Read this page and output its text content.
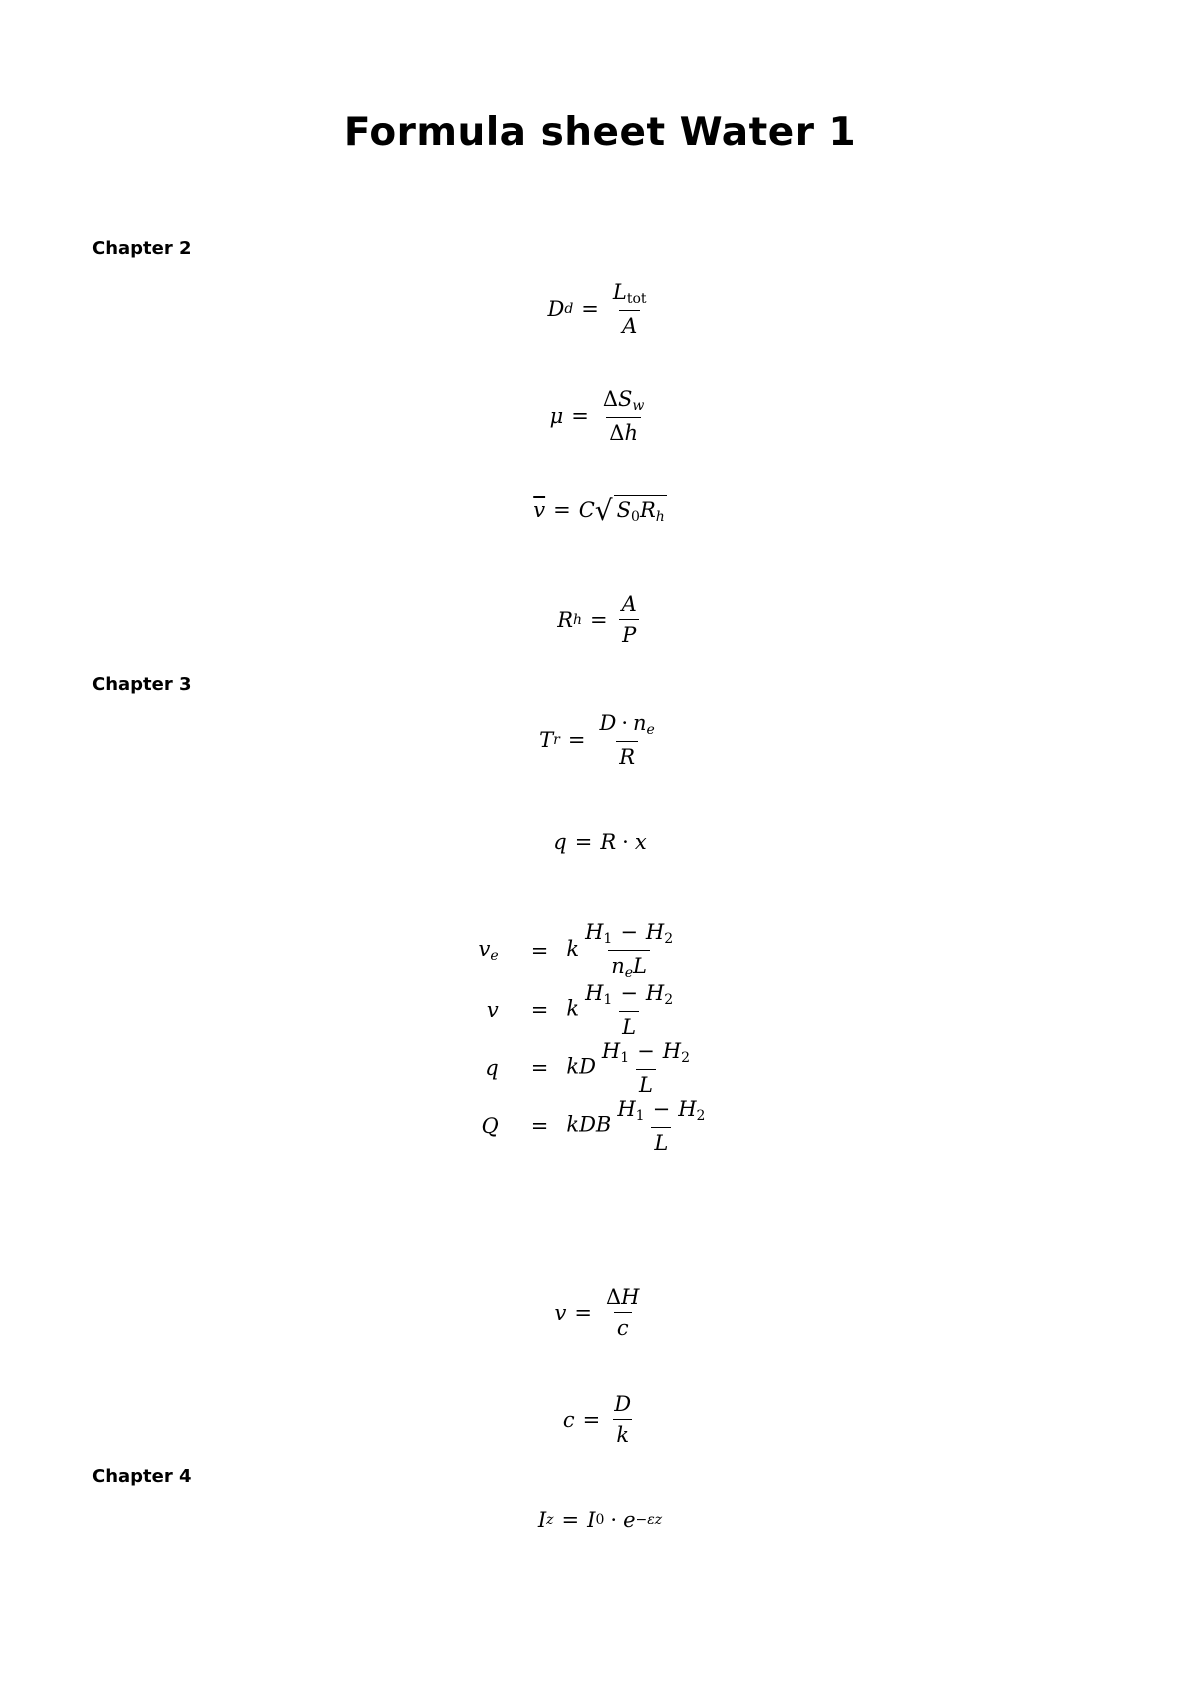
Formula sheet Water 1
Chapter 2
D $d = \frac{L_{tot}}{A}$
$\mu = \frac{\Delta S_w}{\Delta h}$
$\overline{v} = C$ √ $S_0R_h$
R $h = \frac{A}{P}$
Chapter 3
T $r = \frac{D \cdot n_e}{R}$
q = R · x
$v_e$	=	k $\frac{H_1 - H_2}{n_eL}$

v	=	k $\frac{H_1 - H_2}{L}$

q	=	kD $\frac{H_1 - H_2}{L}$

Q	=	kDB $\frac{H_1 - H_2}{L}$
$v = \frac{\Delta H}{c}$
$c = \frac{D}{k}$
Chapter 4
I z = I 0 · e −εz
